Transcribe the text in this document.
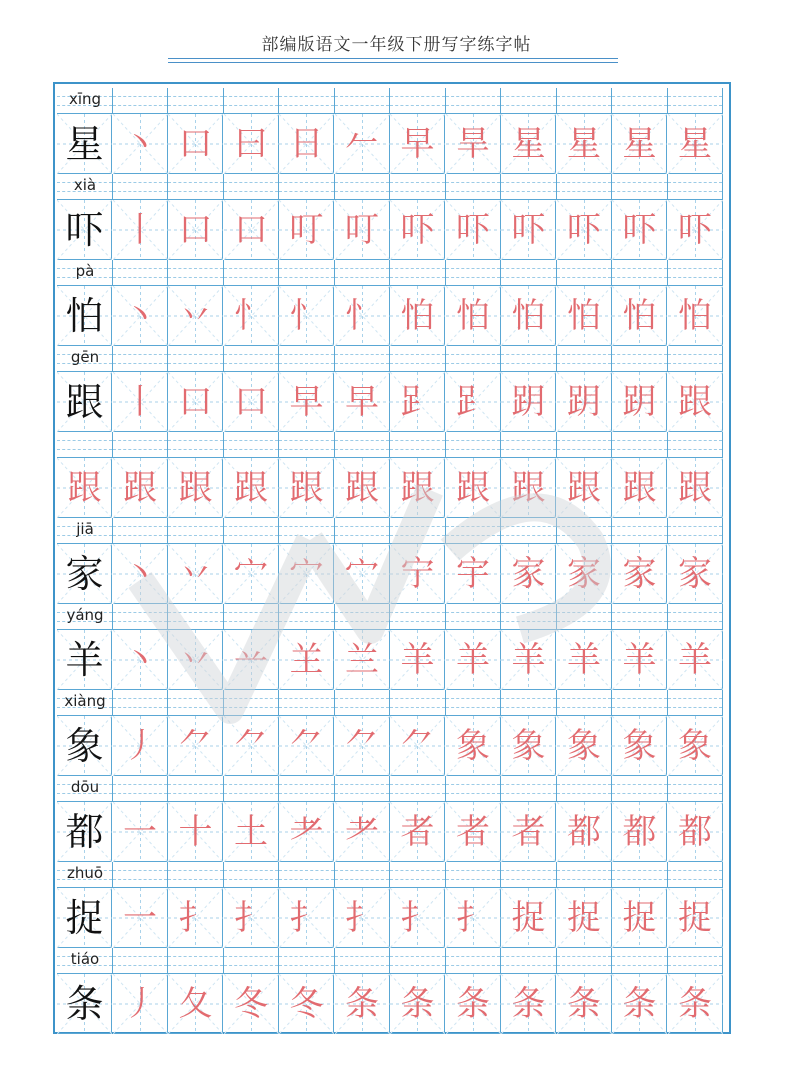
部编版语文一年级下册写字练字帖
xīng
星 丶 口 曰 日 𠂉 早 旱 星 星 星 星
xià
吓 丨 口 口 叮 叮 吓 吓 吓 吓 吓 吓
pà
怕 丶 丷 忄 忄 忄 怕 怕 怕 怕 怕 怕
gēn
跟 丨 口 口 早 早 𧾷 𧾷 跀 跀 跀 跟
跟 跟 跟 跟 跟 跟 跟 跟 跟 跟 跟 跟
jiā
家 丶 丷 宀 宀 宀 宁 宇 家 家 家 家
yáng
羊 丶 丷 䒑 𦍌 兰 羊 羊 羊 羊 羊 羊
xiàng
象 丿 ⺈ ⺈ ⺈ ⺈ ⺈ 象 象 象 象 象
dōu
都 一 十 土 耂 耂 者 者 者 都 都 都
zhuō
捉 一 扌 扌 扌 扌 扌 扌 捉 捉 捉 捉
tiáo
条 丿 夂 冬 冬 条 条 条 条 条 条 条
